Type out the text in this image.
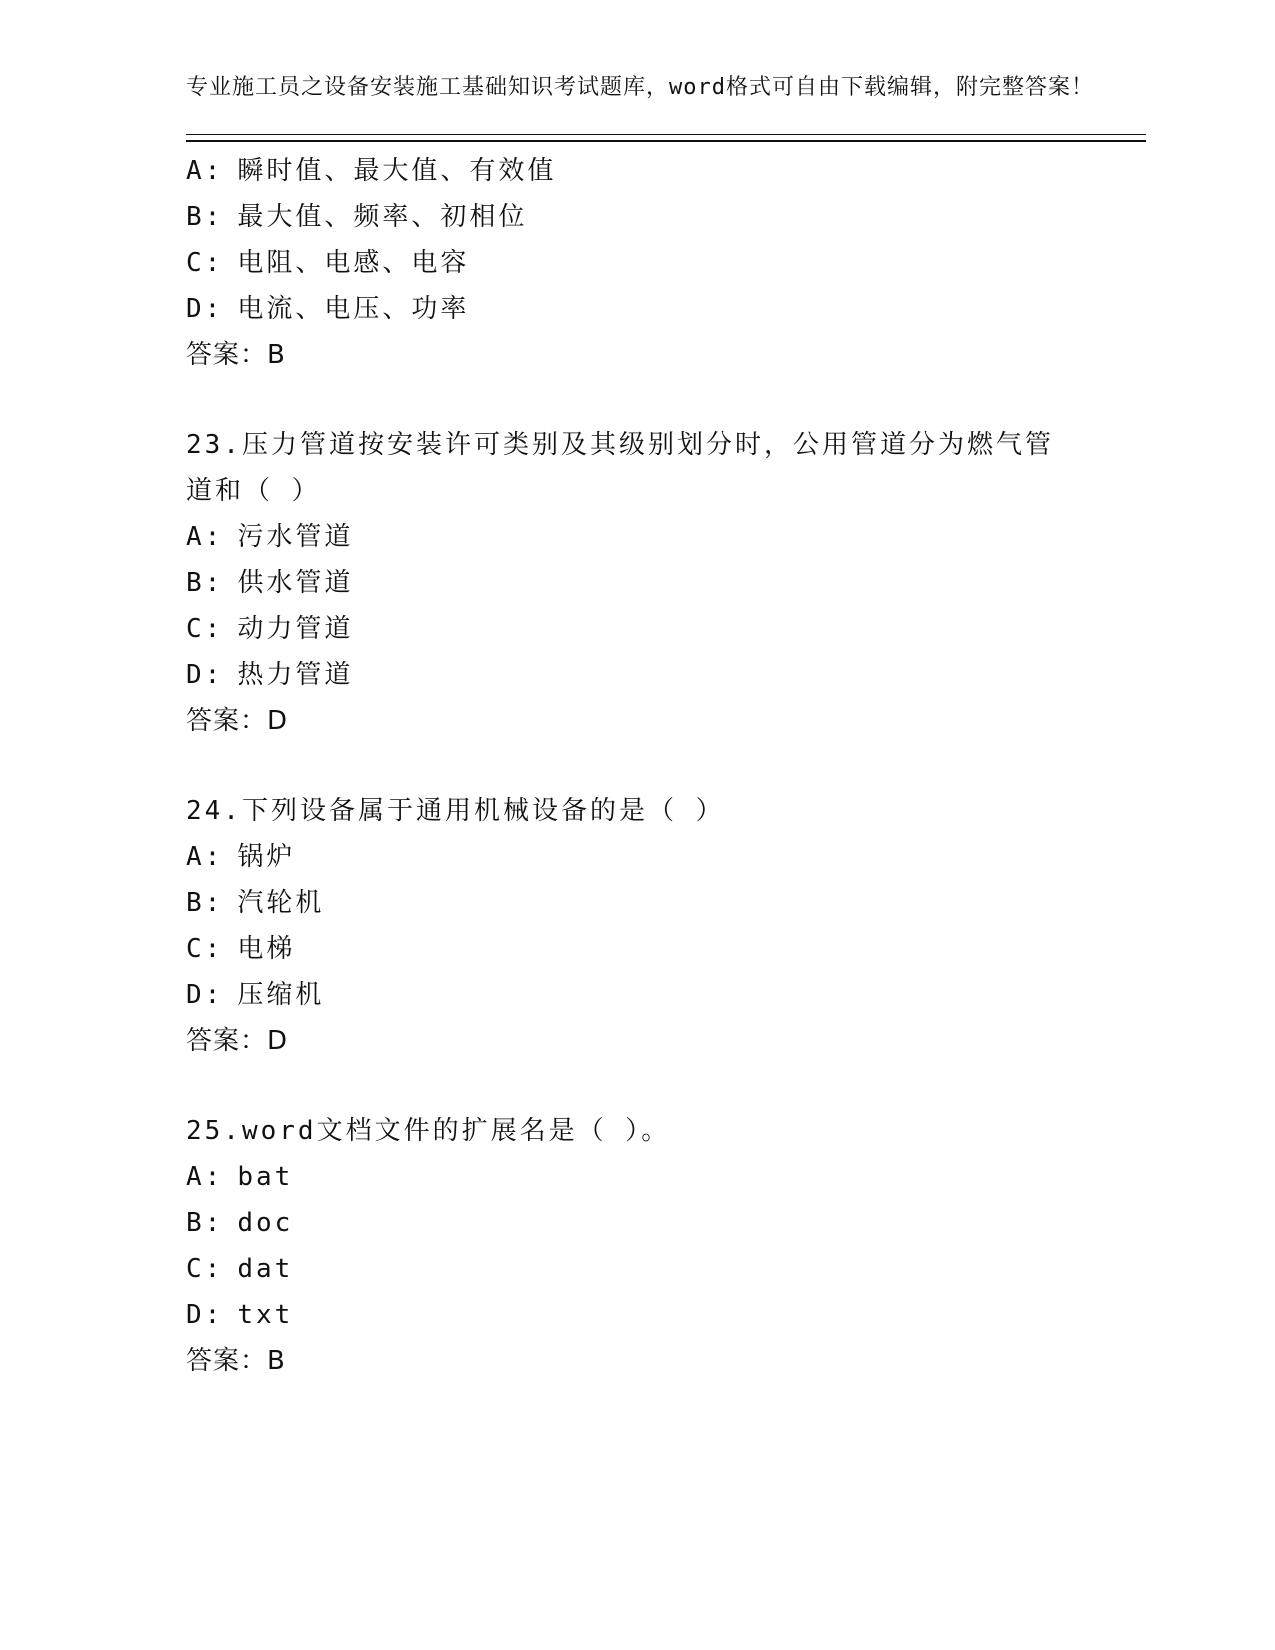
专业施工员之设备安装施工基础知识考试题库，word格式可自由下载编辑，附完整答案！

A: 瞬时值、最大值、有效值
B: 最大值、频率、初相位
C: 电阻、电感、电容
D: 电流、电压、功率
答案：B
23.压力管道按安装许可类别及其级别划分时，公用管道分为燃气管道和（ ）
A: 污水管道
B: 供水管道
C: 动力管道
D: 热力管道
答案：D
24.下列设备属于通用机械设备的是（ ）
A: 锅炉
B: 汽轮机
C: 电梯
D: 压缩机
答案：D
25.word文档文件的扩展名是（ ）。
A: bat
B: doc
C: dat
D: txt
答案：B
